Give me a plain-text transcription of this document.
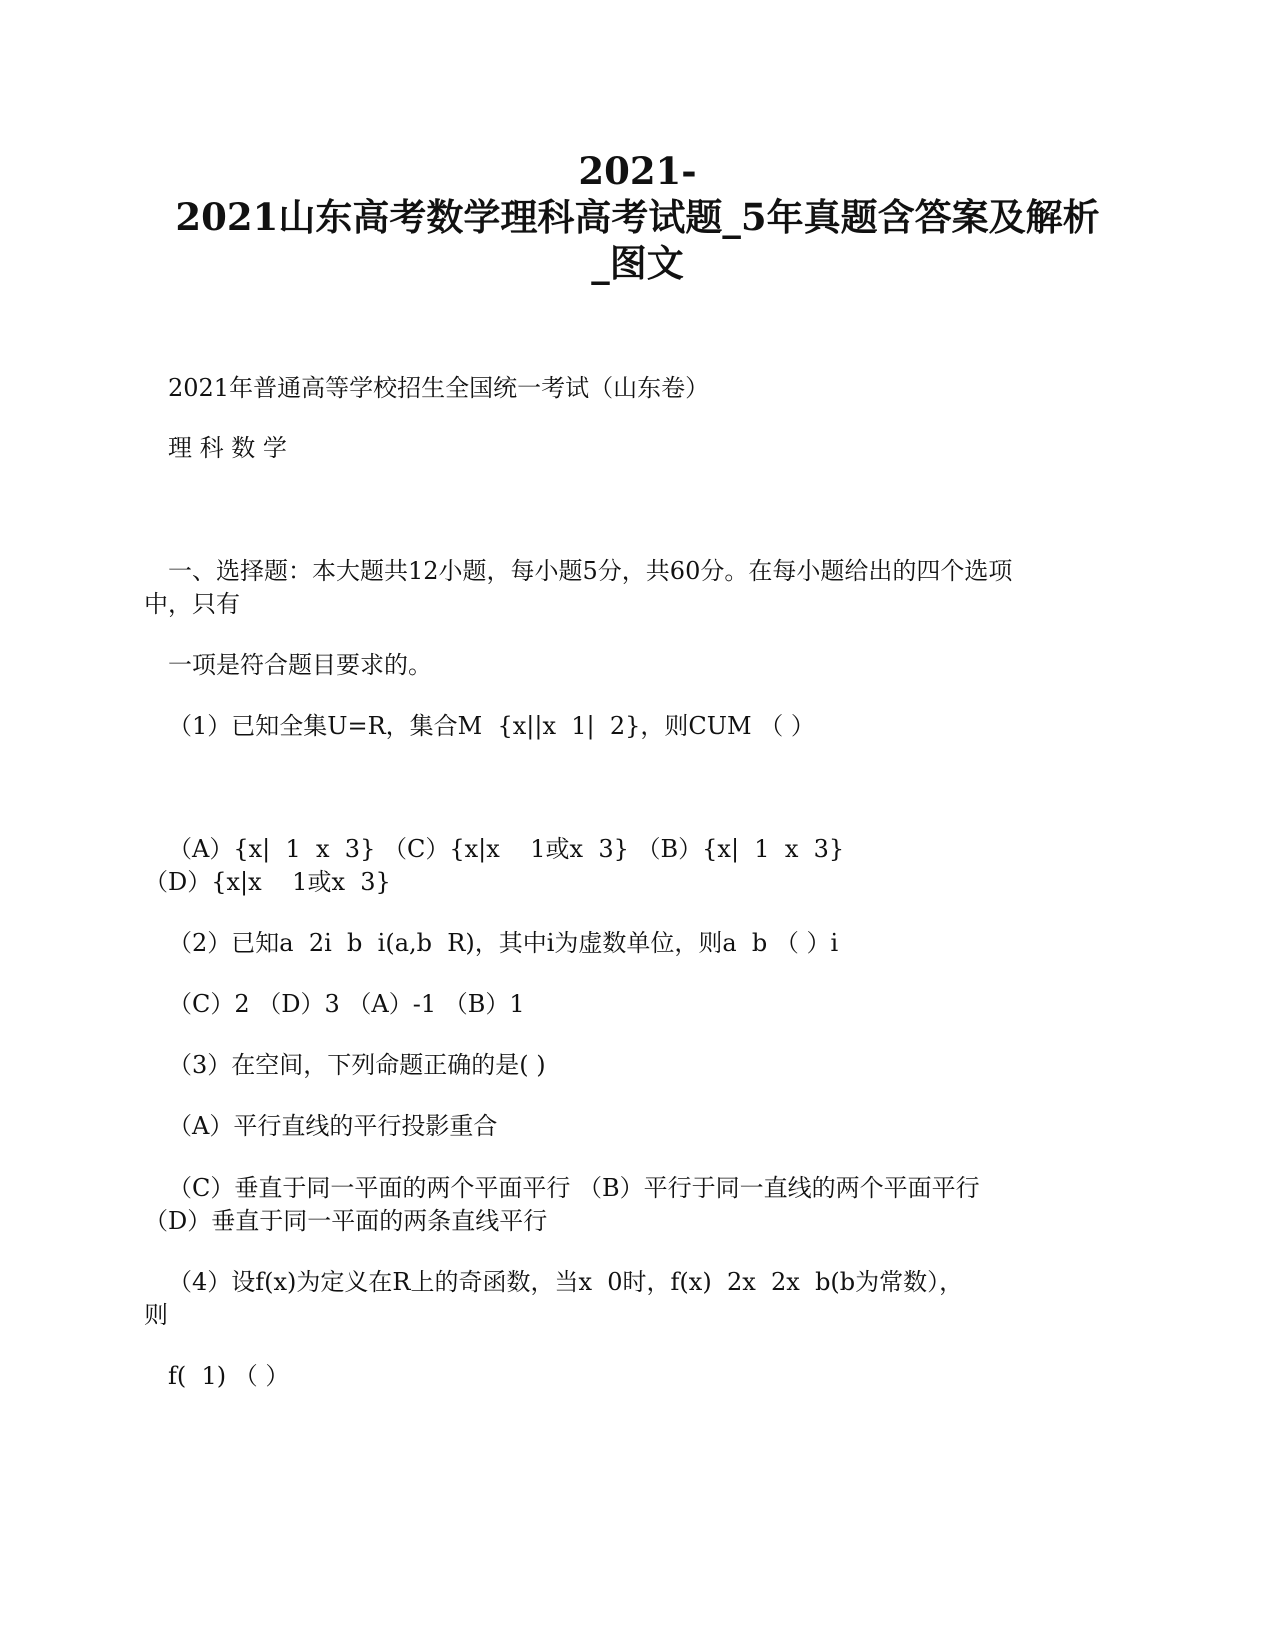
2021-
2021山东高考数学理科高考试题_5年真题含答案及解析
_图文

2021年普通高等学校招生全国统一考试（山东卷）

理 科 数 学

一、选择题：本大题共12小题，每小题5分，共60分。在每小题给出的四个选项

中，只有

一项是符合题目要求的。

（1）已知全集U=R，集合M  {x||x  1|  2}，则CUM （ ）

（A）{x|  1  x  3} （C）{x|x    1或x  3} （B）{x|  1  x  3}

（D）{x|x    1或x  3}

（2）已知a  2i  b  i(a,b  R)，其中i为虚数单位，则a  b （ ）i

（C）2 （D）3 （A）-1 （B）1

（3）在空间，下列命题正确的是( )

（A）平行直线的平行投影重合

（C）垂直于同一平面的两个平面平行 （B）平行于同一直线的两个平面平行

（D）垂直于同一平面的两条直线平行

（4）设f(x)为定义在R上的奇函数，当x  0时，f(x)  2x  2x  b(b为常数），

则

f(  1) （ ）
